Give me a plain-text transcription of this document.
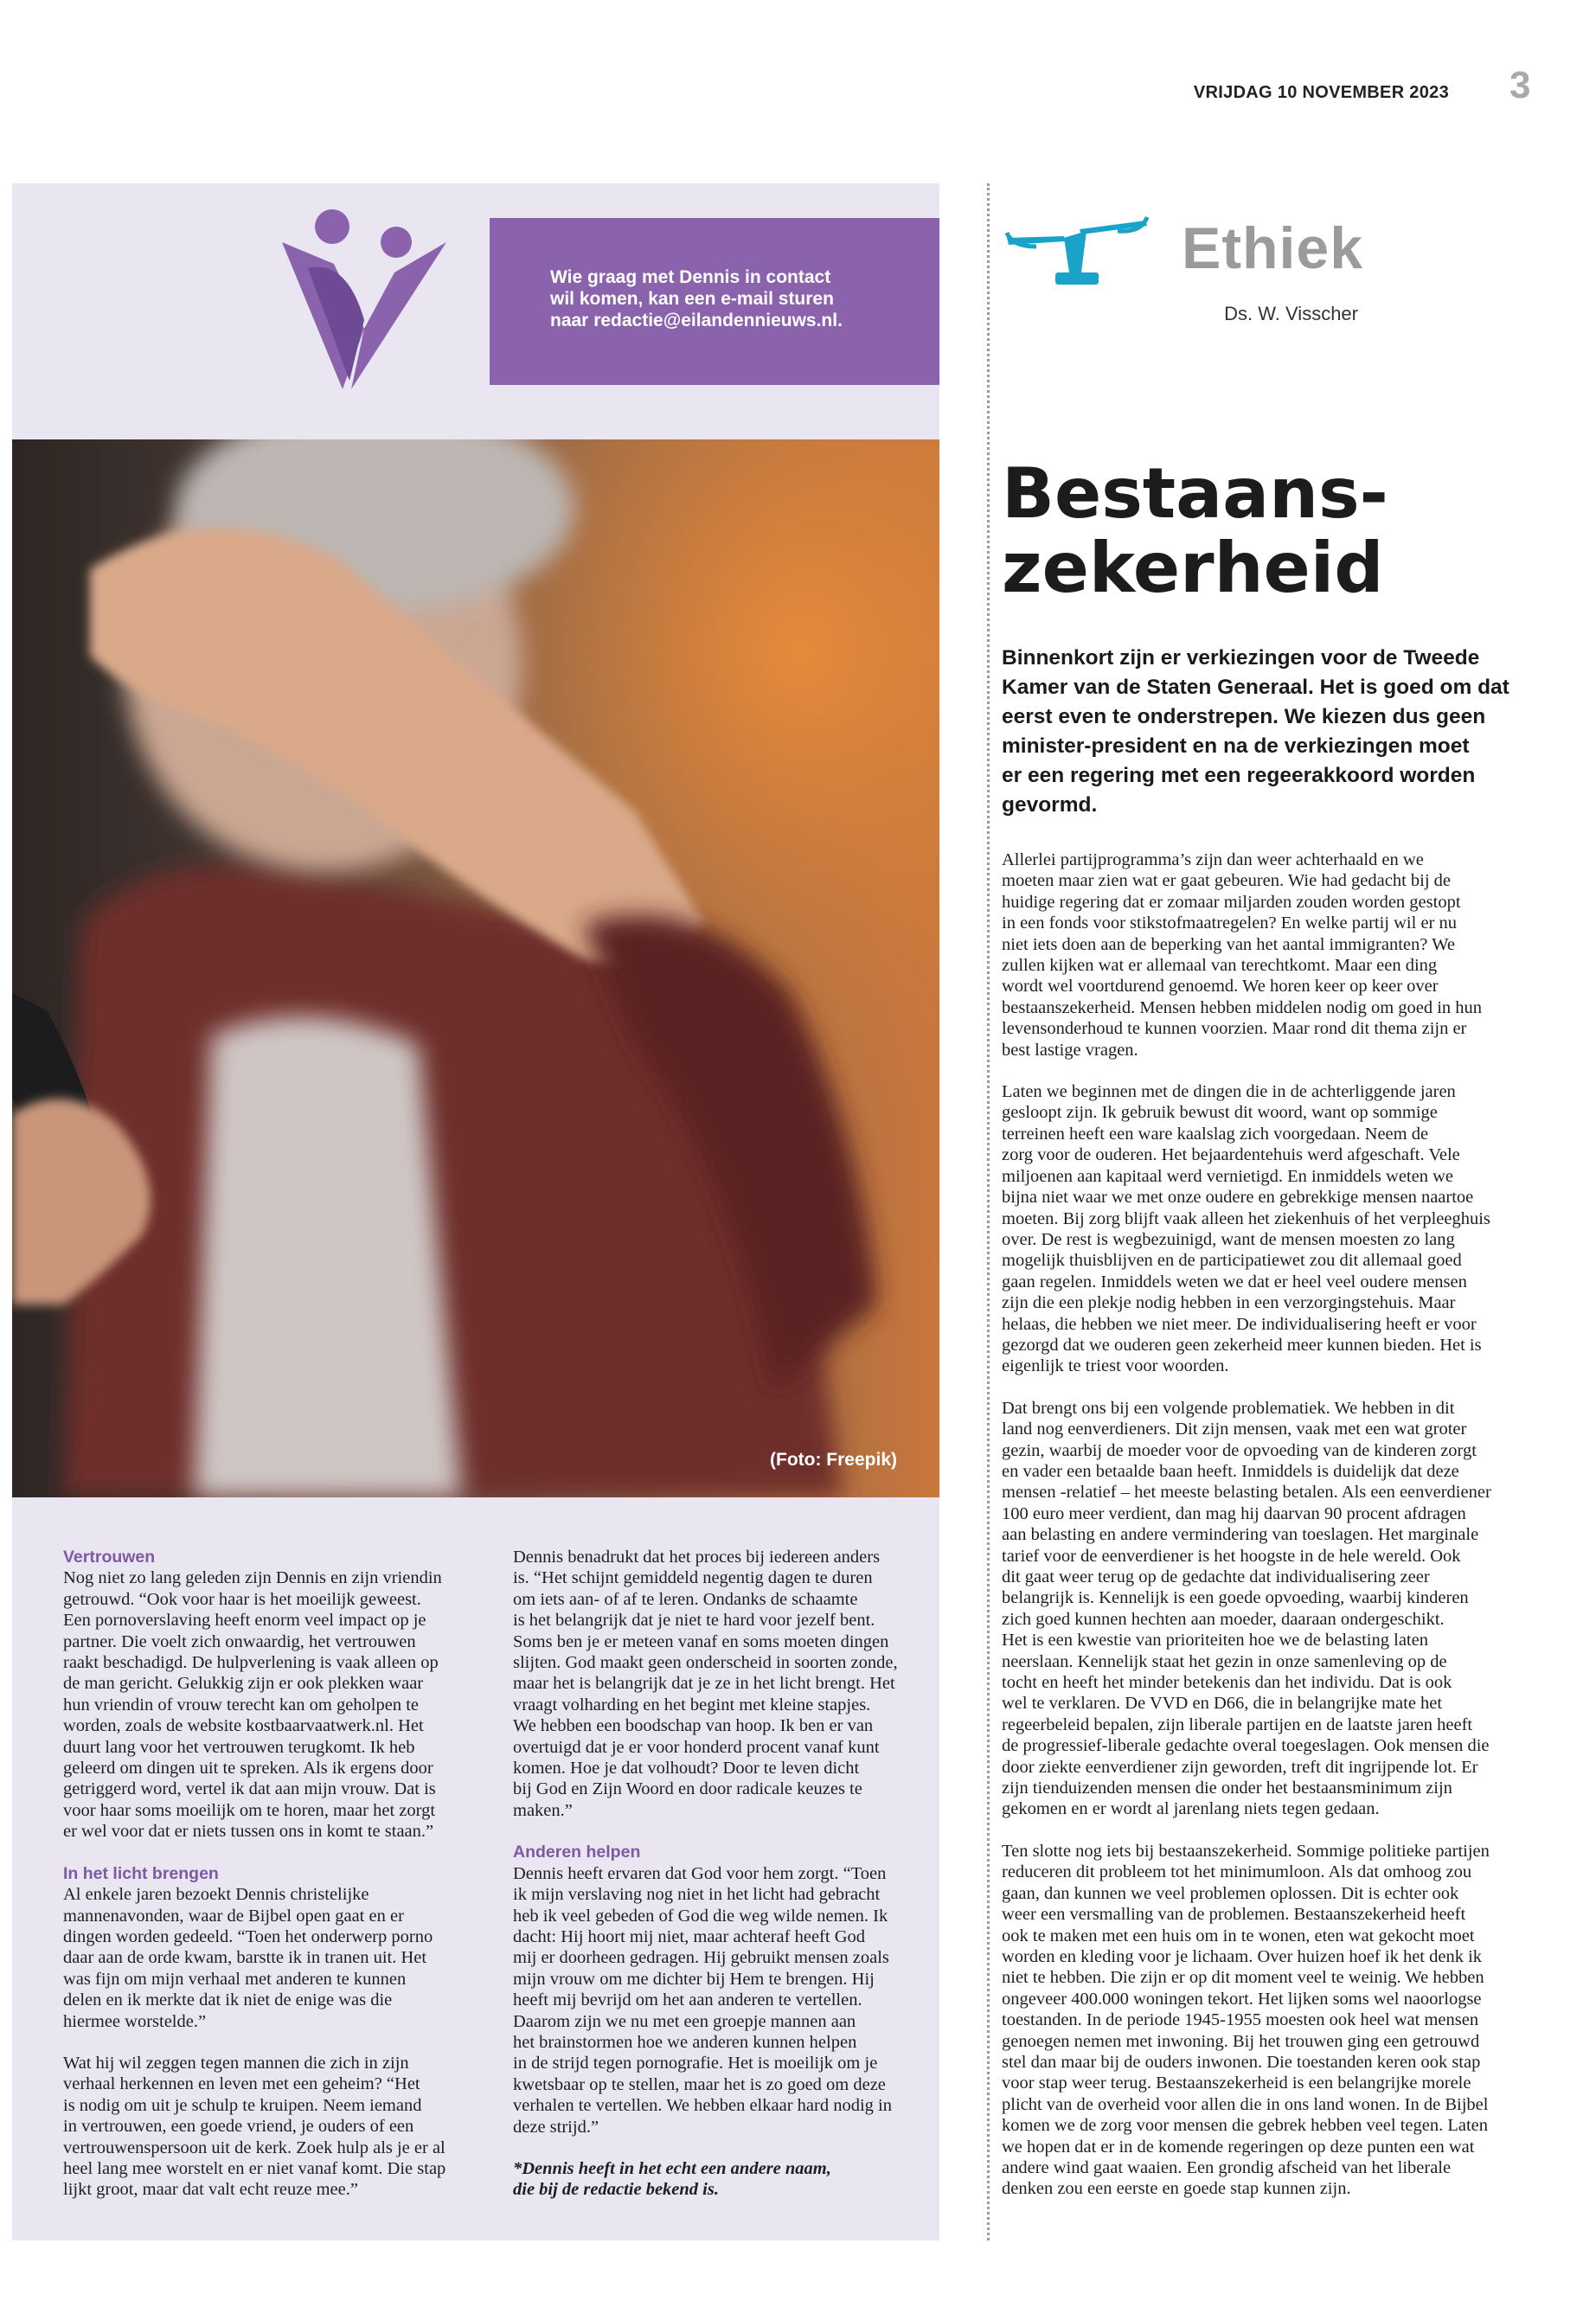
VRIJDAG 10 NOVEMBER 2023 3
Wie graag met Dennis in contact
wil komen, kan een e-mail sturen
naar redactie@eilandennieuws.nl.
(Foto: Freepik)
Ethiek
Ds. W. Visscher
Bestaans-
zekerheid
Binnenkort zijn er verkiezingen voor de Tweede
Kamer van de Staten Generaal. Het is goed om dat
eerst even te onderstrepen. We kiezen dus geen
minister-president en na de verkiezingen moet
er een regering met een regeerakkoord worden
gevormd.
Allerlei partijprogramma’s zijn dan weer achterhaald en we
moeten maar zien wat er gaat gebeuren. Wie had gedacht bij de
huidige regering dat er zomaar miljarden zouden worden gestopt
in een fonds voor stikstofmaatregelen? En welke partij wil er nu
niet iets doen aan de beperking van het aantal immigranten? We
zullen kijken wat er allemaal van terechtkomt. Maar een ding
wordt wel voortdurend genoemd. We horen keer op keer over
bestaanszekerheid. Mensen hebben middelen nodig om goed in hun
levensonderhoud te kunnen voorzien. Maar rond dit thema zijn er
best lastige vragen.
Laten we beginnen met de dingen die in de achterliggende jaren
gesloopt zijn. Ik gebruik bewust dit woord, want op sommige
terreinen heeft een ware kaalslag zich voorgedaan. Neem de
zorg voor de ouderen. Het bejaardentehuis werd afgeschaft. Vele
miljoenen aan kapitaal werd vernietigd. En inmiddels weten we
bijna niet waar we met onze oudere en gebrekkige mensen naartoe
moeten. Bij zorg blijft vaak alleen het ziekenhuis of het verpleeghuis
over. De rest is wegbezuinigd, want de mensen moesten zo lang
mogelijk thuisblijven en de participatiewet zou dit allemaal goed
gaan regelen. Inmiddels weten we dat er heel veel oudere mensen
zijn die een plekje nodig hebben in een verzorgingstehuis. Maar
helaas, die hebben we niet meer. De individualisering heeft er voor
gezorgd dat we ouderen geen zekerheid meer kunnen bieden. Het is
eigenlijk te triest voor woorden.
Dat brengt ons bij een volgende problematiek. We hebben in dit
land nog eenverdieners. Dit zijn mensen, vaak met een wat groter
gezin, waarbij de moeder voor de opvoeding van de kinderen zorgt
en vader een betaalde baan heeft. Inmiddels is duidelijk dat deze
mensen -relatief – het meeste belasting betalen. Als een eenverdiener
100 euro meer verdient, dan mag hij daarvan 90 procent afdragen
aan belasting en andere vermindering van toeslagen. Het marginale
tarief voor de eenverdiener is het hoogste in de hele wereld. Ook
dit gaat weer terug op de gedachte dat individualisering zeer
belangrijk is. Kennelijk is een goede opvoeding, waarbij kinderen
zich goed kunnen hechten aan moeder, daaraan ondergeschikt.
Het is een kwestie van prioriteiten hoe we de belasting laten
neerslaan. Kennelijk staat het gezin in onze samenleving op de
tocht en heeft het minder betekenis dan het individu. Dat is ook
wel te verklaren. De VVD en D66, die in belangrijke mate het
regeerbeleid bepalen, zijn liberale partijen en de laatste jaren heeft
de progressief-liberale gedachte overal toegeslagen. Ook mensen die
door ziekte eenverdiener zijn geworden, treft dit ingrijpende lot. Er
zijn tienduizenden mensen die onder het bestaansminimum zijn
gekomen en er wordt al jarenlang niets tegen gedaan.
Ten slotte nog iets bij bestaanszekerheid. Sommige politieke partijen
reduceren dit probleem tot het minimumloon. Als dat omhoog zou
gaan, dan kunnen we veel problemen oplossen. Dit is echter ook
weer een versmalling van de problemen. Bestaanszekerheid heeft
ook te maken met een huis om in te wonen, eten wat gekocht moet
worden en kleding voor je lichaam. Over huizen hoef ik het denk ik
niet te hebben. Die zijn er op dit moment veel te weinig. We hebben
ongeveer 400.000 woningen tekort. Het lijken soms wel naoorlogse
toestanden. In de periode 1945-1955 moesten ook heel wat mensen
genoegen nemen met inwoning. Bij het trouwen ging een getrouwd
stel dan maar bij de ouders inwonen. Die toestanden keren ook stap
voor stap weer terug. Bestaanszekerheid is een belangrijke morele
plicht van de overheid voor allen die in ons land wonen. In de Bijbel
komen we de zorg voor mensen die gebrek hebben veel tegen. Laten
we hopen dat er in de komende regeringen op deze punten een wat
andere wind gaat waaien. Een grondig afscheid van het liberale
denken zou een eerste en goede stap kunnen zijn.
Vertrouwen
Nog niet zo lang geleden zijn Dennis en zijn vriendin
getrouwd. “Ook voor haar is het moeilijk geweest.
Een pornoverslaving heeft enorm veel impact op je
partner. Die voelt zich onwaardig, het vertrouwen
raakt beschadigd. De hulpverlening is vaak alleen op
de man gericht. Gelukkig zijn er ook plekken waar
hun vriendin of vrouw terecht kan om geholpen te
worden, zoals de website kostbaarvaatwerk.nl. Het
duurt lang voor het vertrouwen terugkomt. Ik heb
geleerd om dingen uit te spreken. Als ik ergens door
getriggerd word, vertel ik dat aan mijn vrouw. Dat is
voor haar soms moeilijk om te horen, maar het zorgt
er wel voor dat er niets tussen ons in komt te staan.”
In het licht brengen
Al enkele jaren bezoekt Dennis christelijke
mannenavonden, waar de Bijbel open gaat en er
dingen worden gedeeld. “Toen het onderwerp porno
daar aan de orde kwam, barstte ik in tranen uit. Het
was fijn om mijn verhaal met anderen te kunnen
delen en ik merkte dat ik niet de enige was die
hiermee worstelde.”
Wat hij wil zeggen tegen mannen die zich in zijn
verhaal herkennen en leven met een geheim? “Het
is nodig om uit je schulp te kruipen. Neem iemand
in vertrouwen, een goede vriend, je ouders of een
vertrouwenspersoon uit de kerk. Zoek hulp als je er al
heel lang mee worstelt en er niet vanaf komt. Die stap
lijkt groot, maar dat valt echt reuze mee.”
Dennis benadrukt dat het proces bij iedereen anders
is. “Het schijnt gemiddeld negentig dagen te duren
om iets aan- of af te leren. Ondanks de schaamte
is het belangrijk dat je niet te hard voor jezelf bent.
Soms ben je er meteen vanaf en soms moeten dingen
slijten. God maakt geen onderscheid in soorten zonde,
maar het is belangrijk dat je ze in het licht brengt. Het
vraagt volharding en het begint met kleine stapjes.
We hebben een boodschap van hoop. Ik ben er van
overtuigd dat je er voor honderd procent vanaf kunt
komen. Hoe je dat volhoudt? Door te leven dicht
bij God en Zijn Woord en door radicale keuzes te
maken.”
Anderen helpen
Dennis heeft ervaren dat God voor hem zorgt. “Toen
ik mijn verslaving nog niet in het licht had gebracht
heb ik veel gebeden of God die weg wilde nemen. Ik
dacht: Hij hoort mij niet, maar achteraf heeft God
mij er doorheen gedragen. Hij gebruikt mensen zoals
mijn vrouw om me dichter bij Hem te brengen. Hij
heeft mij bevrijd om het aan anderen te vertellen.
Daarom zijn we nu met een groepje mannen aan
het brainstormen hoe we anderen kunnen helpen
in de strijd tegen pornografie. Het is moeilijk om je
kwetsbaar op te stellen, maar het is zo goed om deze
verhalen te vertellen. We hebben elkaar hard nodig in
deze strijd.”
*Dennis heeft in het echt een andere naam,
die bij de redactie bekend is.
